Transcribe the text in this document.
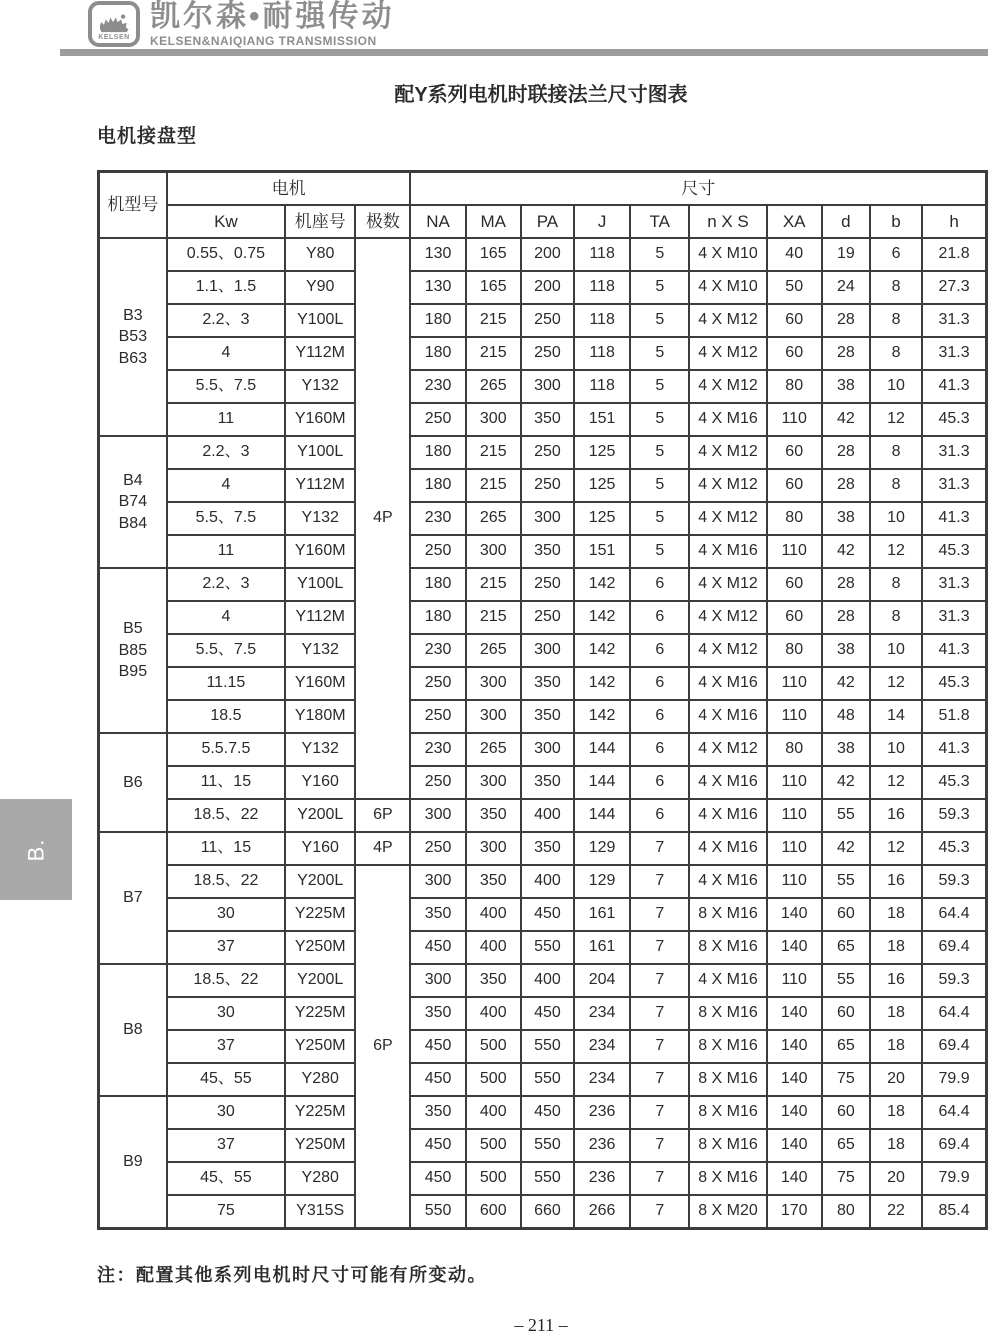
KELSEN
凯尔森•耐强传动
KELSEN&NAIQIANG TRANSMISSION
配Y系列电机时联接法兰尺寸图表
电机接盘型
机型号	电机			尺寸									
	Kw	机座号	极数	NA	MA	PA	J	TA	n X S	XA	d	b	h

B3
B53
B63	0.55、0.75	Y80	4P	130	165	200	118	5	4 X M10	40	19	6	21.8
	1.1、1.5	Y90		130	165	200	118	5	4 X M10	50	24	8	27.3
	2.2、3	Y100L		180	215	250	118	5	4 X M12	60	28	8	31.3
	4	Y112M		180	215	250	118	5	4 X M12	60	28	8	31.3
	5.5、7.5	Y132		230	265	300	118	5	4 X M12	80	38	10	41.3
	11	Y160M		250	300	350	151	5	4 X M16	110	42	12	45.3

B4
B74
B84	2.2、3	Y100L		180	215	250	125	5	4 X M12	60	28	8	31.3
	4	Y112M		180	215	250	125	5	4 X M12	60	28	8	31.3
	5.5、7.5	Y132		230	265	300	125	5	4 X M12	80	38	10	41.3
	11	Y160M		250	300	350	151	5	4 X M16	110	42	12	45.3

B5
B85
B95	2.2、3	Y100L		180	215	250	142	6	4 X M12	60	28	8	31.3
	4	Y112M		180	215	250	142	6	4 X M12	60	28	8	31.3
	5.5、7.5	Y132		230	265	300	142	6	4 X M12	80	38	10	41.3
	11.15	Y160M		250	300	350	142	6	4 X M16	110	42	12	45.3
	18.5	Y180M		250	300	350	142	6	4 X M16	110	48	14	51.8

B6	5.5.7.5	Y132		230	265	300	144	6	4 X M12	80	38	10	41.3
	11、15	Y160		250	300	350	144	6	4 X M16	110	42	12	45.3
	18.5、22	Y200L	6P	300	350	400	144	6	4 X M16	110	55	16	59.3

B7	11、15	Y160	4P	250	300	350	129	7	4 X M16	110	42	12	45.3
	18.5、22	Y200L	6P	300	350	400	129	7	4 X M16	110	55	16	59.3
	30	Y225M		350	400	450	161	7	8 X M16	140	60	18	64.4
	37	Y250M		450	400	550	161	7	8 X M16	140	65	18	69.4

B8	18.5、22	Y200L		300	350	400	204	7	4 X M16	110	55	16	59.3
	30	Y225M		350	400	450	234	7	8 X M16	140	60	18	64.4
	37	Y250M		450	500	550	234	7	8 X M16	140	65	18	69.4
	45、55	Y280		450	500	550	234	7	8 X M16	140	75	20	79.9

B9	30	Y225M		350	400	450	236	7	8 X M16	140	60	18	64.4
	37	Y250M		450	500	550	236	7	8 X M16	140	65	18	69.4
	45、55	Y280		450	500	550	236	7	8 X M16	140	75	20	79.9
	75	Y315S		550	600	660	266	7	8 X M20	170	80	22	85.4

注：配置其他系列电机时尺寸可能有所变动。

B.
– 211 –
